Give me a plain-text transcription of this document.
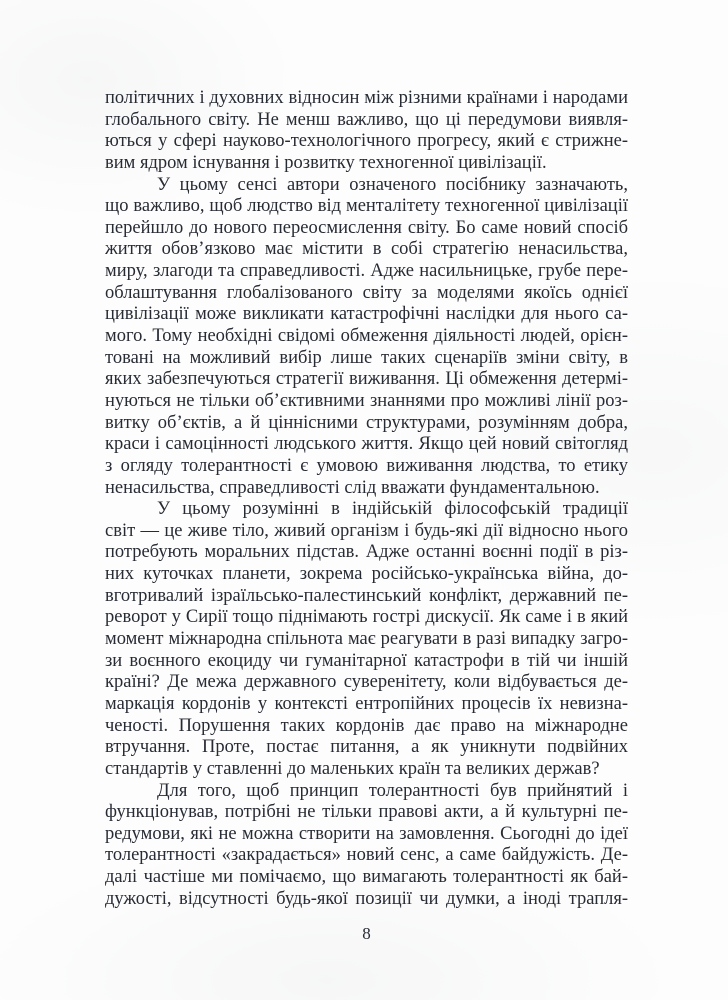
політичних і духовних відносин між різними країнами і народами
глобального світу. Не менш важливо, що ці передумови виявля-
ються у сфері науково-технологічного прогресу, який є стрижне-
вим ядром існування і розвитку техногенної цивілізації.
У цьому сенсі автори означеного посібнику зазначають,
що важливо, щоб людство від менталітету техногенної цивілізації
перейшло до нового переосмислення світу. Бо саме новий спосіб
життя обов’язково має містити в собі стратегію ненасильства,
миру, злагоди та справедливості. Адже насильницьке, грубе пере-
облаштування глобалізованого світу за моделями якоїсь однієї
цивілізації може викликати катастрофічні наслідки для нього са-
мого. Тому необхідні свідомі обмеження діяльності людей, орієн-
товані на можливий вибір лише таких сценаріїв зміни світу, в
яких забезпечуються стратегії виживання. Ці обмеження детермі-
нуються не тільки об’єктивними знаннями про можливі лінії роз-
витку об’єктів, а й ціннісними структурами, розумінням добра,
краси і самоцінності людського життя. Якщо цей новий світогляд
з огляду толерантності є умовою виживання людства, то етику
ненасильства, справедливості слід вважати фундаментальною.
У цьому розумінні в індійській філософській традиції
світ — це живе тіло, живий організм і будь-які дії відносно нього
потребують моральних підстав. Адже останні воєнні події в різ-
них куточках планети, зокрема російсько-українська війна, до-
вготривалий ізраїльсько-палестинський конфлікт, державний пе-
реворот у Сирії тощо піднімають гострі дискусії. Як саме і в який
момент міжнародна спільнота має реагувати в разі випадку загро-
зи воєнного екоциду чи гуманітарної катастрофи в тій чи іншій
країні? Де межа державного суверенітету, коли відбувається де-
маркація кордонів у контексті ентропійних процесів їх невизна-
ченості. Порушення таких кордонів дає право на міжнародне
втручання. Проте, постає питання, а як уникнути подвійних
стандартів у ставленні до маленьких країн та великих держав?
Для того, щоб принцип толерантності був прийнятий і
функціонував, потрібні не тільки правові акти, а й культурні пе-
редумови, які не можна створити на замовлення. Сьогодні до ідеї
толерантності «закрадається» новий сенс, а саме байдужість. Де-
далі частіше ми помічаємо, що вимагають толерантності як бай-
дужості, відсутності будь-якої позиції чи думки, а іноді трапля-
8
